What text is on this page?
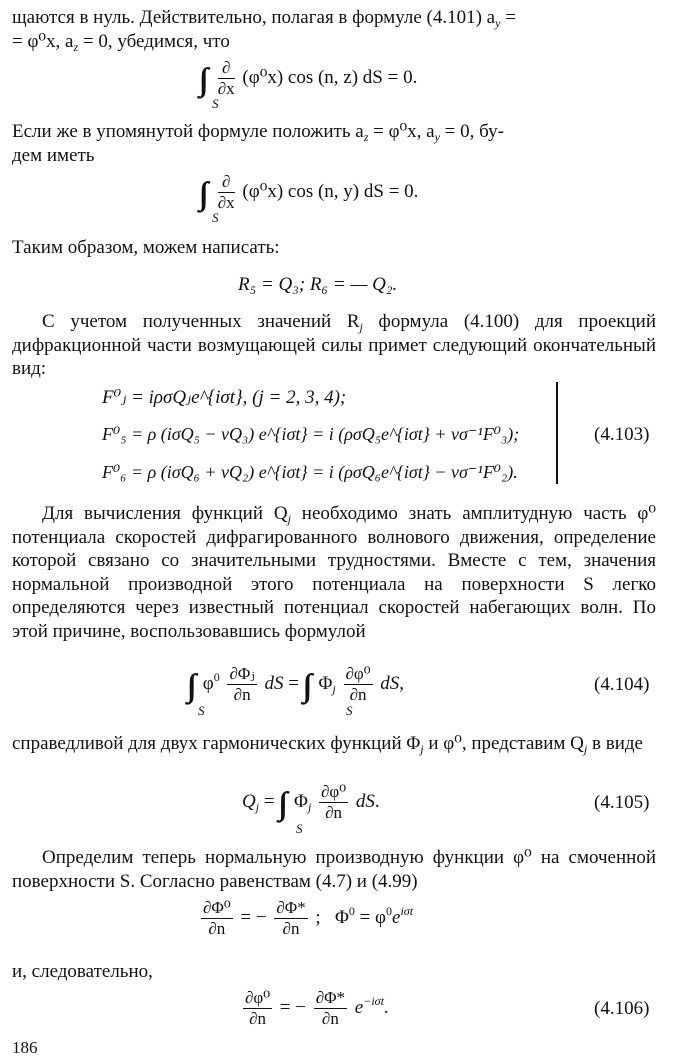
щаются в нуль. Действительно, полагая в формуле (4.101) $a_y$ =
= φ⁰x, $a_z = 0$, убедимся, что
$\frac{\partial}{\partial x} (\varphi^0x)$ cos (n, z) dS = 0.
S
Если же в упомянутой формуле положить $a_z = \varphi^0x$, $a_y = 0$, бу-
дем иметь
$\frac{\partial}{\partial x} (\varphi^0x)$ cos (n, y) dS = 0.
S
Таким образом, можем написать:
R₅ = Q₃; R₆ = — Q₂.
С учетом полученных значений $R_j$ формула (4.100) для проекций дифракционной части возмущающей силы примет следующий окончательный вид:
F⁰ⱼ = iρσQⱼe^{iσt}, (j = 2, 3, 4);
F⁰₅ = ρ (iσQ₅ − vQ₃) e^{iσt} = i (ρσQ₅e^{iσt} + vσ⁻¹F⁰₃);
F⁰₆ = ρ (iσQ₆ + vQ₂) e^{iσt} = i (ρσQ₆e^{iσt} − vσ⁻¹F⁰₂).
(4.103)
Для вычисления функций $Q_j$ необходимо знать амплитудную часть φ⁰ потенциала скоростей дифрагированного волнового движения, определение которой связано со значительными трудностями. Вместе с тем, значения нормальной производной этого потенциала на поверхности S легко определяются через известный потенциал скоростей набегающих волн. По этой причине, воспользовавшись формулой
$\varphi^0 \frac{\text{∂Φⱼ}}{\partial n}$ dS = $\Phi_j \frac{\text{∂φ⁰}}{\partial n}$ dS,
S	S
(4.104)
справедливой для двух гармонических функций $\Phi_j$ и φ⁰, представим $Q_j$ в виде
$Q_j = \Phi_j \frac{\text{∂φ⁰}}{\partial n}$ dS.
S
(4.105)
Определим теперь нормальную производную функции φ⁰ на смоченной поверхности S. Согласно равенствам (4.7) и (4.99)
$\frac{\text{∂Φ⁰}}{\partial n}$ = − $\frac{\partial\Phi*}{\partial n}$ ;   $\Phi^0 = \varphi^0e^{i\sigma t}$
и, следовательно,
$\frac{\text{∂φ⁰}}{\partial n}$ = − $\frac{\partial\Phi*}{\partial n} e^{-i\sigma t}$.	(4.106)
186
